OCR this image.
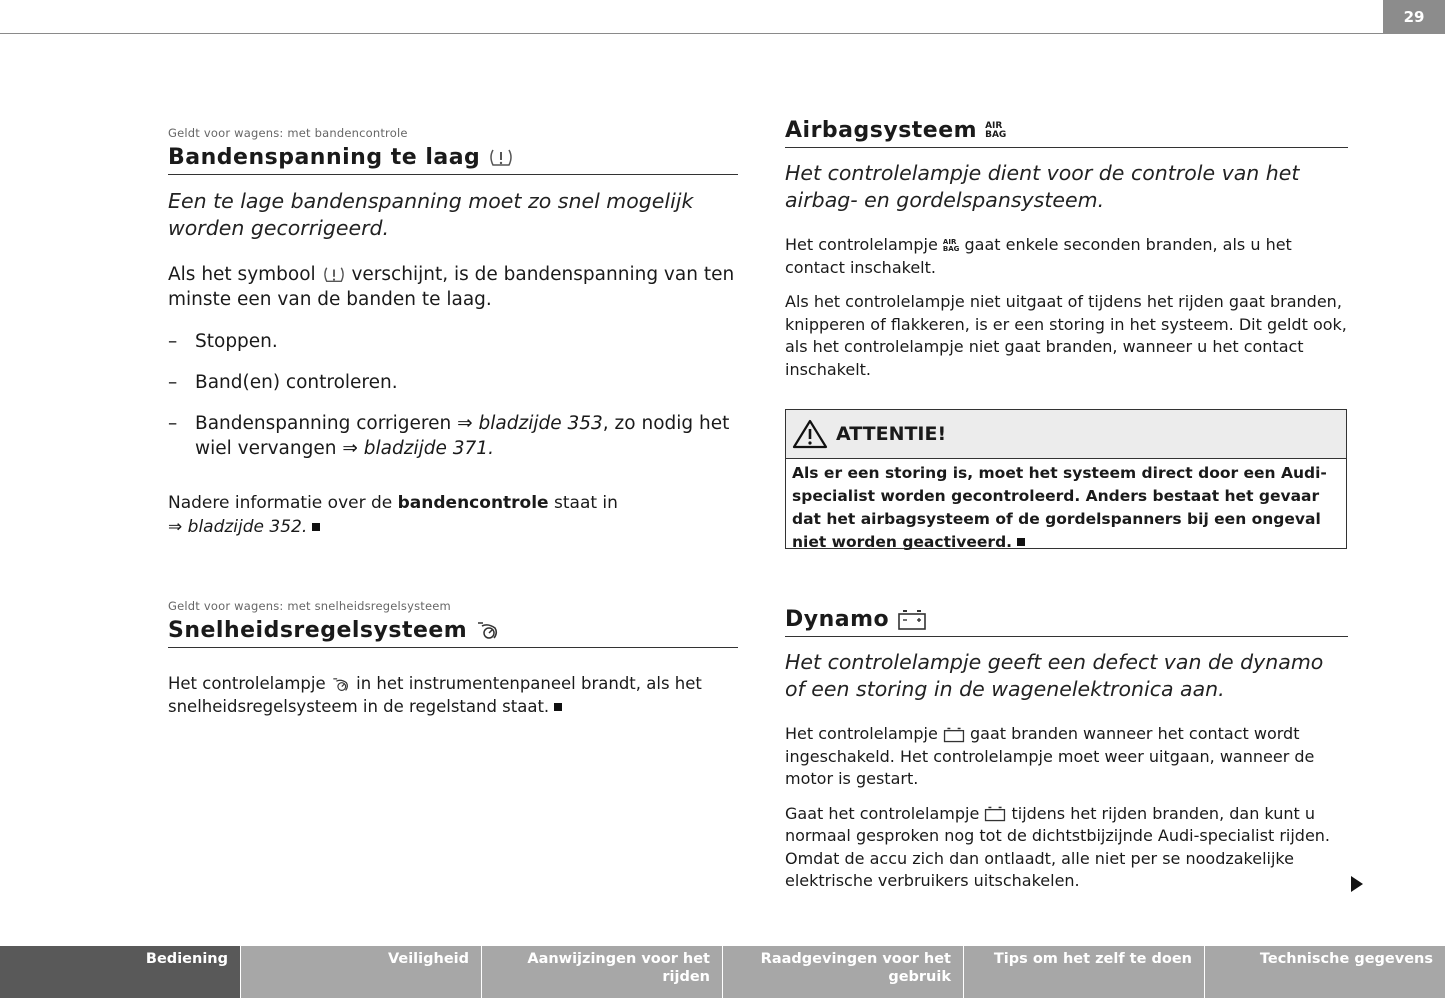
29
Geldt voor wagens: met bandencontrole
Bandenspanning te laag
Een te lage bandenspanning moet zo snel mogelijk worden gecorrigeerd.
Als het symbool verschijnt, is de bandenspanning van ten minste een van de banden te laag.
– Stoppen.
– Band(en) controleren.
– Bandenspanning corrigeren ⇒ bladzijde 353, zo nodig het wiel vervangen ⇒ bladzijde 371.
Nadere informatie over de bandencontrole staat in
⇒ bladzijde 352.
Geldt voor wagens: met snelheidsregelsysteem
Snelheidsregelsysteem
Het controlelampje in het instrumentenpaneel brandt, als het snelheidsregelsysteem in de regelstand staat.
Airbagsysteem AIR
BAG
Het controlelampje dient voor de controle van het airbag- en gordelspansysteem.
Het controlelampje AIR
BAG gaat enkele seconden branden, als u het contact inschakelt.
Als het controlelampje niet uitgaat of tijdens het rijden gaat branden, knipperen of flakkeren, is er een storing in het systeem. Dit geldt ook, als het controlelampje niet gaat branden, wanneer u het contact inschakelt.
ATTENTIE!
Als er een storing is, moet het systeem direct door een Audi-specialist worden gecontroleerd. Anders bestaat het gevaar dat het airbagsysteem of de gordelspanners bij een ongeval niet worden geactiveerd.
Dynamo
Het controlelampje geeft een defect van de dynamo of een storing in de wagenelektronica aan.
Het controlelampje gaat branden wanneer het contact wordt ingeschakeld. Het controlelampje moet weer uitgaan, wanneer de motor is gestart.
Gaat het controlelampje tijdens het rijden branden, dan kunt u normaal gesproken nog tot de dichtstbijzijnde Audi-specialist rijden. Omdat de accu zich dan ontlaadt, alle niet per se noodzakelijke elektrische verbruikers uitschakelen.
Bediening	Veiligheid	Aanwijzingen voor het rijden
Raadgevingen voor het gebruik
Tips om het zelf te doen	Technische gegevens
